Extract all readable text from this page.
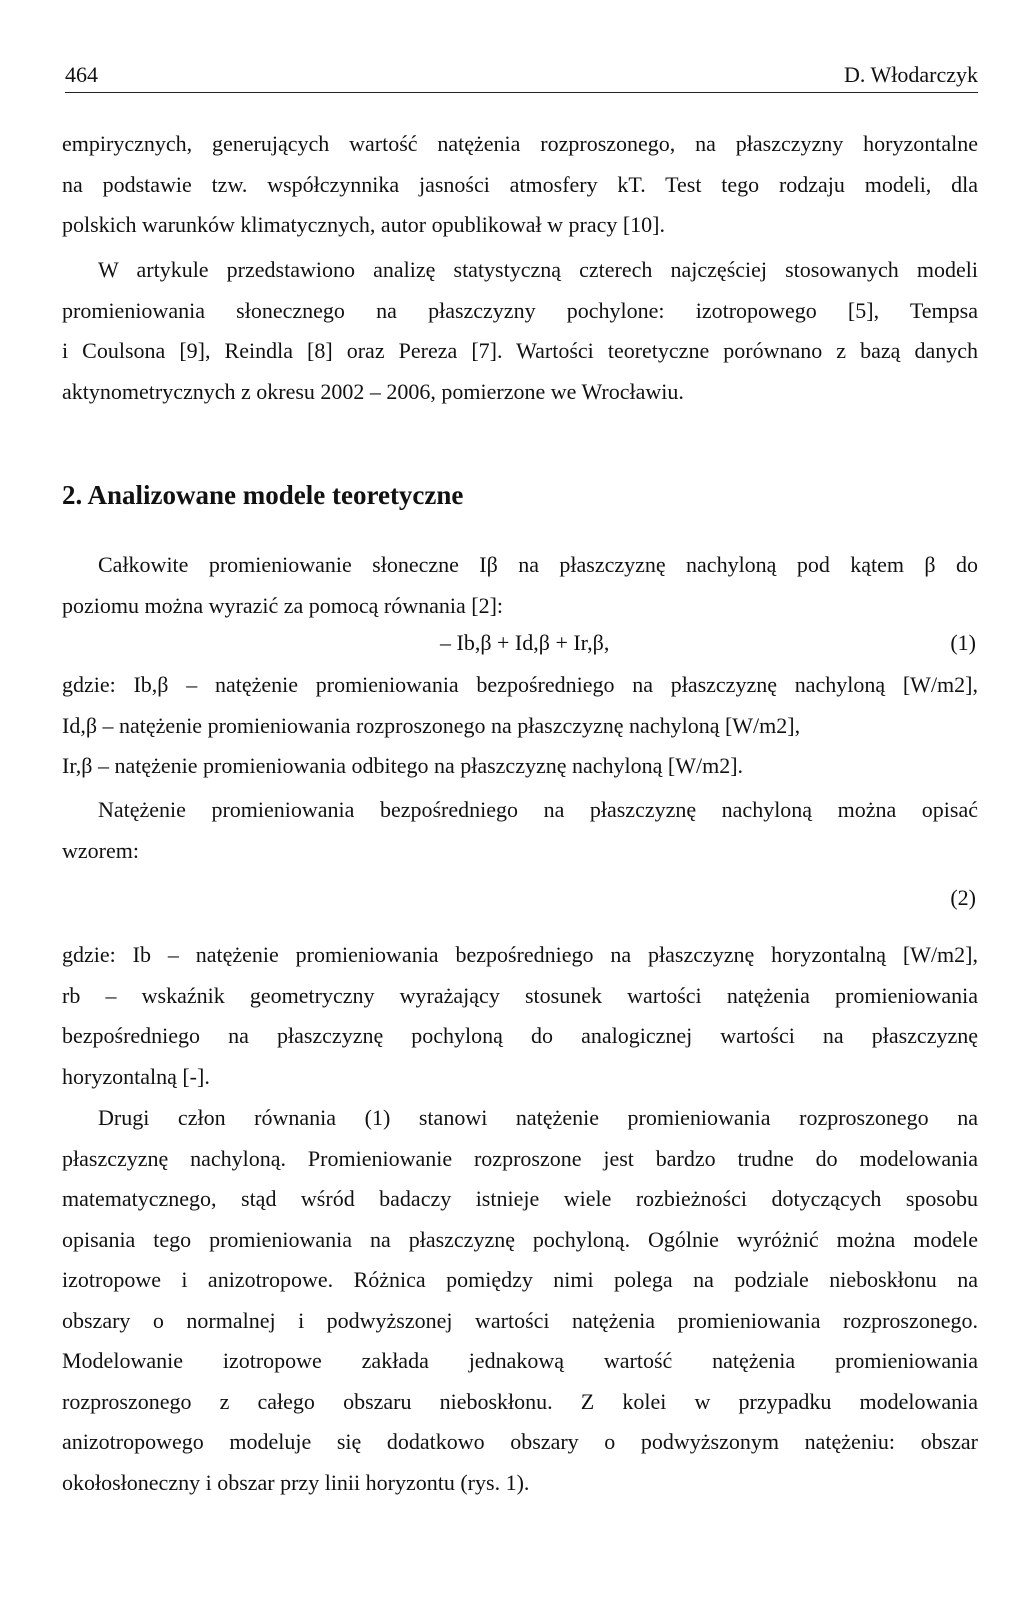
464	D. Włodarczyk
empirycznych, generujących wartość natężenia rozproszonego, na płaszczyzny horyzontalne
na podstawie tzw. współczynnika jasności atmosfery kT. Test tego rodzaju modeli, dla
polskich warunków klimatycznych, autor opublikował w pracy [10].
W artykule przedstawiono analizę statystyczną czterech najczęściej stosowanych modeli
promieniowania słonecznego na płaszczyzny pochylone: izotropowego [5], Tempsa
i Coulsona [9], Reindla [8] oraz Pereza [7]. Wartości teoretyczne porównano z bazą danych
aktynometrycznych z okresu 2002 – 2006, pomierzone we Wrocławiu.
2. Analizowane modele teoretyczne
Całkowite promieniowanie słoneczne Iβ na płaszczyznę nachyloną pod kątem β do
poziomu można wyrazić za pomocą równania [2]:
– Ib,β + Id,β + Ir,β,	(1)
gdzie: Ib,β – natężenie promieniowania bezpośredniego na płaszczyznę nachyloną [W/m2],
Id,β – natężenie promieniowania rozproszonego na płaszczyznę nachyloną [W/m2],
Ir,β – natężenie promieniowania odbitego na płaszczyznę nachyloną [W/m2].
Natężenie promieniowania bezpośredniego na płaszczyznę nachyloną można opisać
wzorem:
(2)
gdzie: Ib – natężenie promieniowania bezpośredniego na płaszczyznę horyzontalną [W/m2],
rb – wskaźnik geometryczny wyrażający stosunek wartości natężenia promieniowania
bezpośredniego na płaszczyznę pochyloną do analogicznej wartości na płaszczyznę
horyzontalną [-].
Drugi człon równania (1) stanowi natężenie promieniowania rozproszonego na
płaszczyznę nachyloną. Promieniowanie rozproszone jest bardzo trudne do modelowania
matematycznego, stąd wśród badaczy istnieje wiele rozbieżności dotyczących sposobu
opisania tego promieniowania na płaszczyznę pochyloną. Ogólnie wyróżnić można modele
izotropowe i anizotropowe. Różnica pomiędzy nimi polega na podziale nieboskłonu na
obszary o normalnej i podwyższonej wartości natężenia promieniowania rozproszonego.
Modelowanie izotropowe zakłada jednakową wartość natężenia promieniowania
rozproszonego z całego obszaru nieboskłonu. Z kolei w przypadku modelowania
anizotropowego modeluje się dodatkowo obszary o podwyższonym natężeniu: obszar
okołosłoneczny i obszar przy linii horyzontu (rys. 1).
